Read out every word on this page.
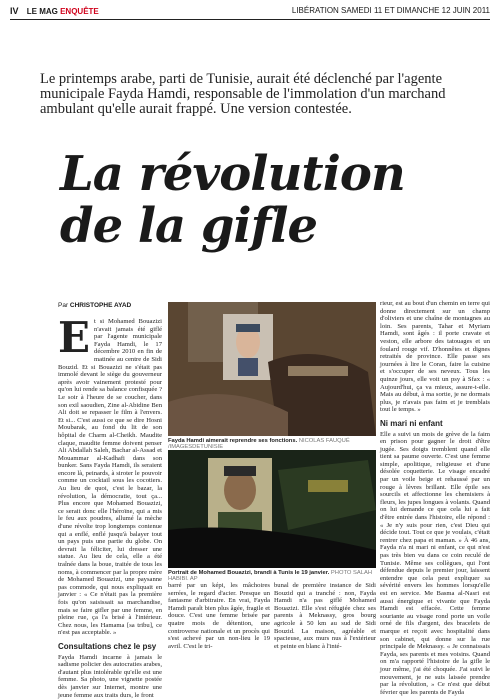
IV LE MAG ENQUÊTE	LIBÉRATION SAMEDI 11 ET DIMANCHE 12 JUIN 2011
Le printemps arabe, parti de Tunisie, aurait été déclenché par l'agente municipale Fayda Hamdi, responsable de l'immolation d'un marchand ambulant qu'elle aurait frappé. Une version contestée.
La révolution
de la gifle
Par CHRISTOPHE AYAD
E t si Mohamed Bouazizi n'avait jamais été giflé par l'agente municipale Fayda Hamdi, le 17 décembre 2010 en fin de matinée au centre de Sidi Bouzid. Et si Bouazizi ne s'était pas immolé devant le siège du gouverneur après avoir vainement protesté pour qu'on lui rende sa balance confisquée ? Le soir à l'heure de se coucher, dans son exil saoudien, Zine al-Abidine Ben Ali doit se repasser le film à l'envers. Et si... C'est aussi ce que se dire Hosni Moubarak, au fond du lit de son hôpital de Charm al-Cheikh. Maudite claque, maudite femme doivent penser Ali Abdallah Saleh, Bachar al-Assad et Mouammar al-Kadhafi dans son bunker. Sans Fayda Hamdi, ils seraient encore là, peinards, à siroter le pouvoir comme un cocktail sous les cocotiers. Au lieu de quoi, c'est le bazar, la révolution, la démocratie, tout ça... Plus encore que Mohamed Bouazizi, ce serait donc elle l'héroïne, qui a mis le feu aux poudres, allumé la mèche d'une révolte trop longtemps contenue qui a enflé, enflé jusqu'à balayer tout un pays puis une partie du globe. On devrait la féliciter, lui dresser une statue. Au lieu de cela, elle a été traînée dans la boue, traitée de tous les noms, à commencer par la propre mère de Mohamed Bouazizi, une paysanne pas commode, qui nous expliquait en janvier : « Ce n'était pas la première fois qu'on saisissait sa marchandise, mais se faire gifler par une femme, en pleine rue, ça l'a brisé à l'intérieur. Chez nous, les Hamama [sa tribu], ce n'est pas acceptable. »
Consultations chez le psy
Fayda Hamdi incarne à jamais le sadisme policier des autocraties arabes, d'autant plus intolérable qu'elle est une femme. Sa photo, une vignette postée dès janvier sur Internet, montre une jeune femme aux traits durs, le front
Fayda Hamdi aimerait reprendre ses fonctions. NICOLAS FAUQUÉ /IMAGESDETUNISIE
Portrait de Mohamed Bouazizi, brandi à Tunis le 19 janvier. PHOTO SALAH HABIBI. AP
barré par un képi, les mâchoires serrées, le regard d'acier. Presque un fantasme d'arbitraire. En vrai, Fayda Hamdi paraît bien plus âgée, fragile et douce. C'est une femme brisée par quatre mois de détention, une controverse nationale et un procès qui s'est achevé par un non-lieu le 19 avril. C'est le tri-
bunal de première instance de Sidi Bouzid qui a tranché : non, Fayda Hamdi n'a pas giflé Mohamed Bouazizi. Elle s'est réfugiée chez ses parents à Meknassy, gros bourg agricole à 50 km au sud de Sidi Bouzid. La maison, agréable et spacieuse, aux murs nus à l'extérieur et peinte en blanc à l'inté-
rieur, est au bout d'un chemin en terre qui donne directement sur un champ d'oliviers et une chaîne de montagnes au loin. Ses parents, Tahar et Myriam Hamdi, sont âgés : il porte cravate et veston, elle arbore des tatouages et un foulard rouge vif. D'honnêtes et dignes retraités de province. Elle passe ses journées à lire le Coran, faire la cuisine et s'occuper de ses neveux. Tous les quinze jours, elle voit un psy à Sfax : « Aujourd'hui, ça va mieux, assure-t-elle. Mais au début, à ma sortie, je ne dormais plus, je n'avais pas faim et je tremblais tout le temps. »
Ni mari ni enfant
Elle a suivi un mois de grève de la faim en prison pour gagner le droit d'être jugée. Ses doigts tremblent quand elle tient sa paume ouverte. C'est une femme simple, apolitique, religieuse et d'une désolée coquetterie. Le visage encadré par un voile beige et rehaussé par un rouge à lèvres brillant. Elle épile ses sourcils et affectionne les chemisiers à fleurs, les jupes longues à volants. Quand on lui demande ce que cela lui a fait d'être entrée dans l'histoire, elle répond : « Je n'y suis pour rien, c'est Dieu qui décide tout. Tout ce que je voulais, c'était rentrer chez papa et maman. » À 46 ans, Fayda n'a ni mari ni enfant, ce qui n'est pas très bien vu dans ce coin reculé de Tunisie. Même ses collègues, qui l'ont défendue depuis le premier jour, laissent entendre que cela peut expliquer sa sévérité envers les hommes lorsqu'elle est en service. Me Basma al-Nasri est aussi énergique et vivante que Fayda Hamdi est effacée. Cette femme souriante au visage rond porte un voile orné de fils d'argent, des bracelets de marque et reçoit avec hospitalité dans son cabinet, qui donne sur la rue principale de Meknassy. « Je connaissais Fayda, ses parents et mes voisins. Quand on m'a rapporté l'histoire de la gifle le jour même, j'ai été choquée. J'ai suivi le mouvement, je ne suis laissée prendre par la révolution, » Ce n'est que début février que les parents de Fayda
